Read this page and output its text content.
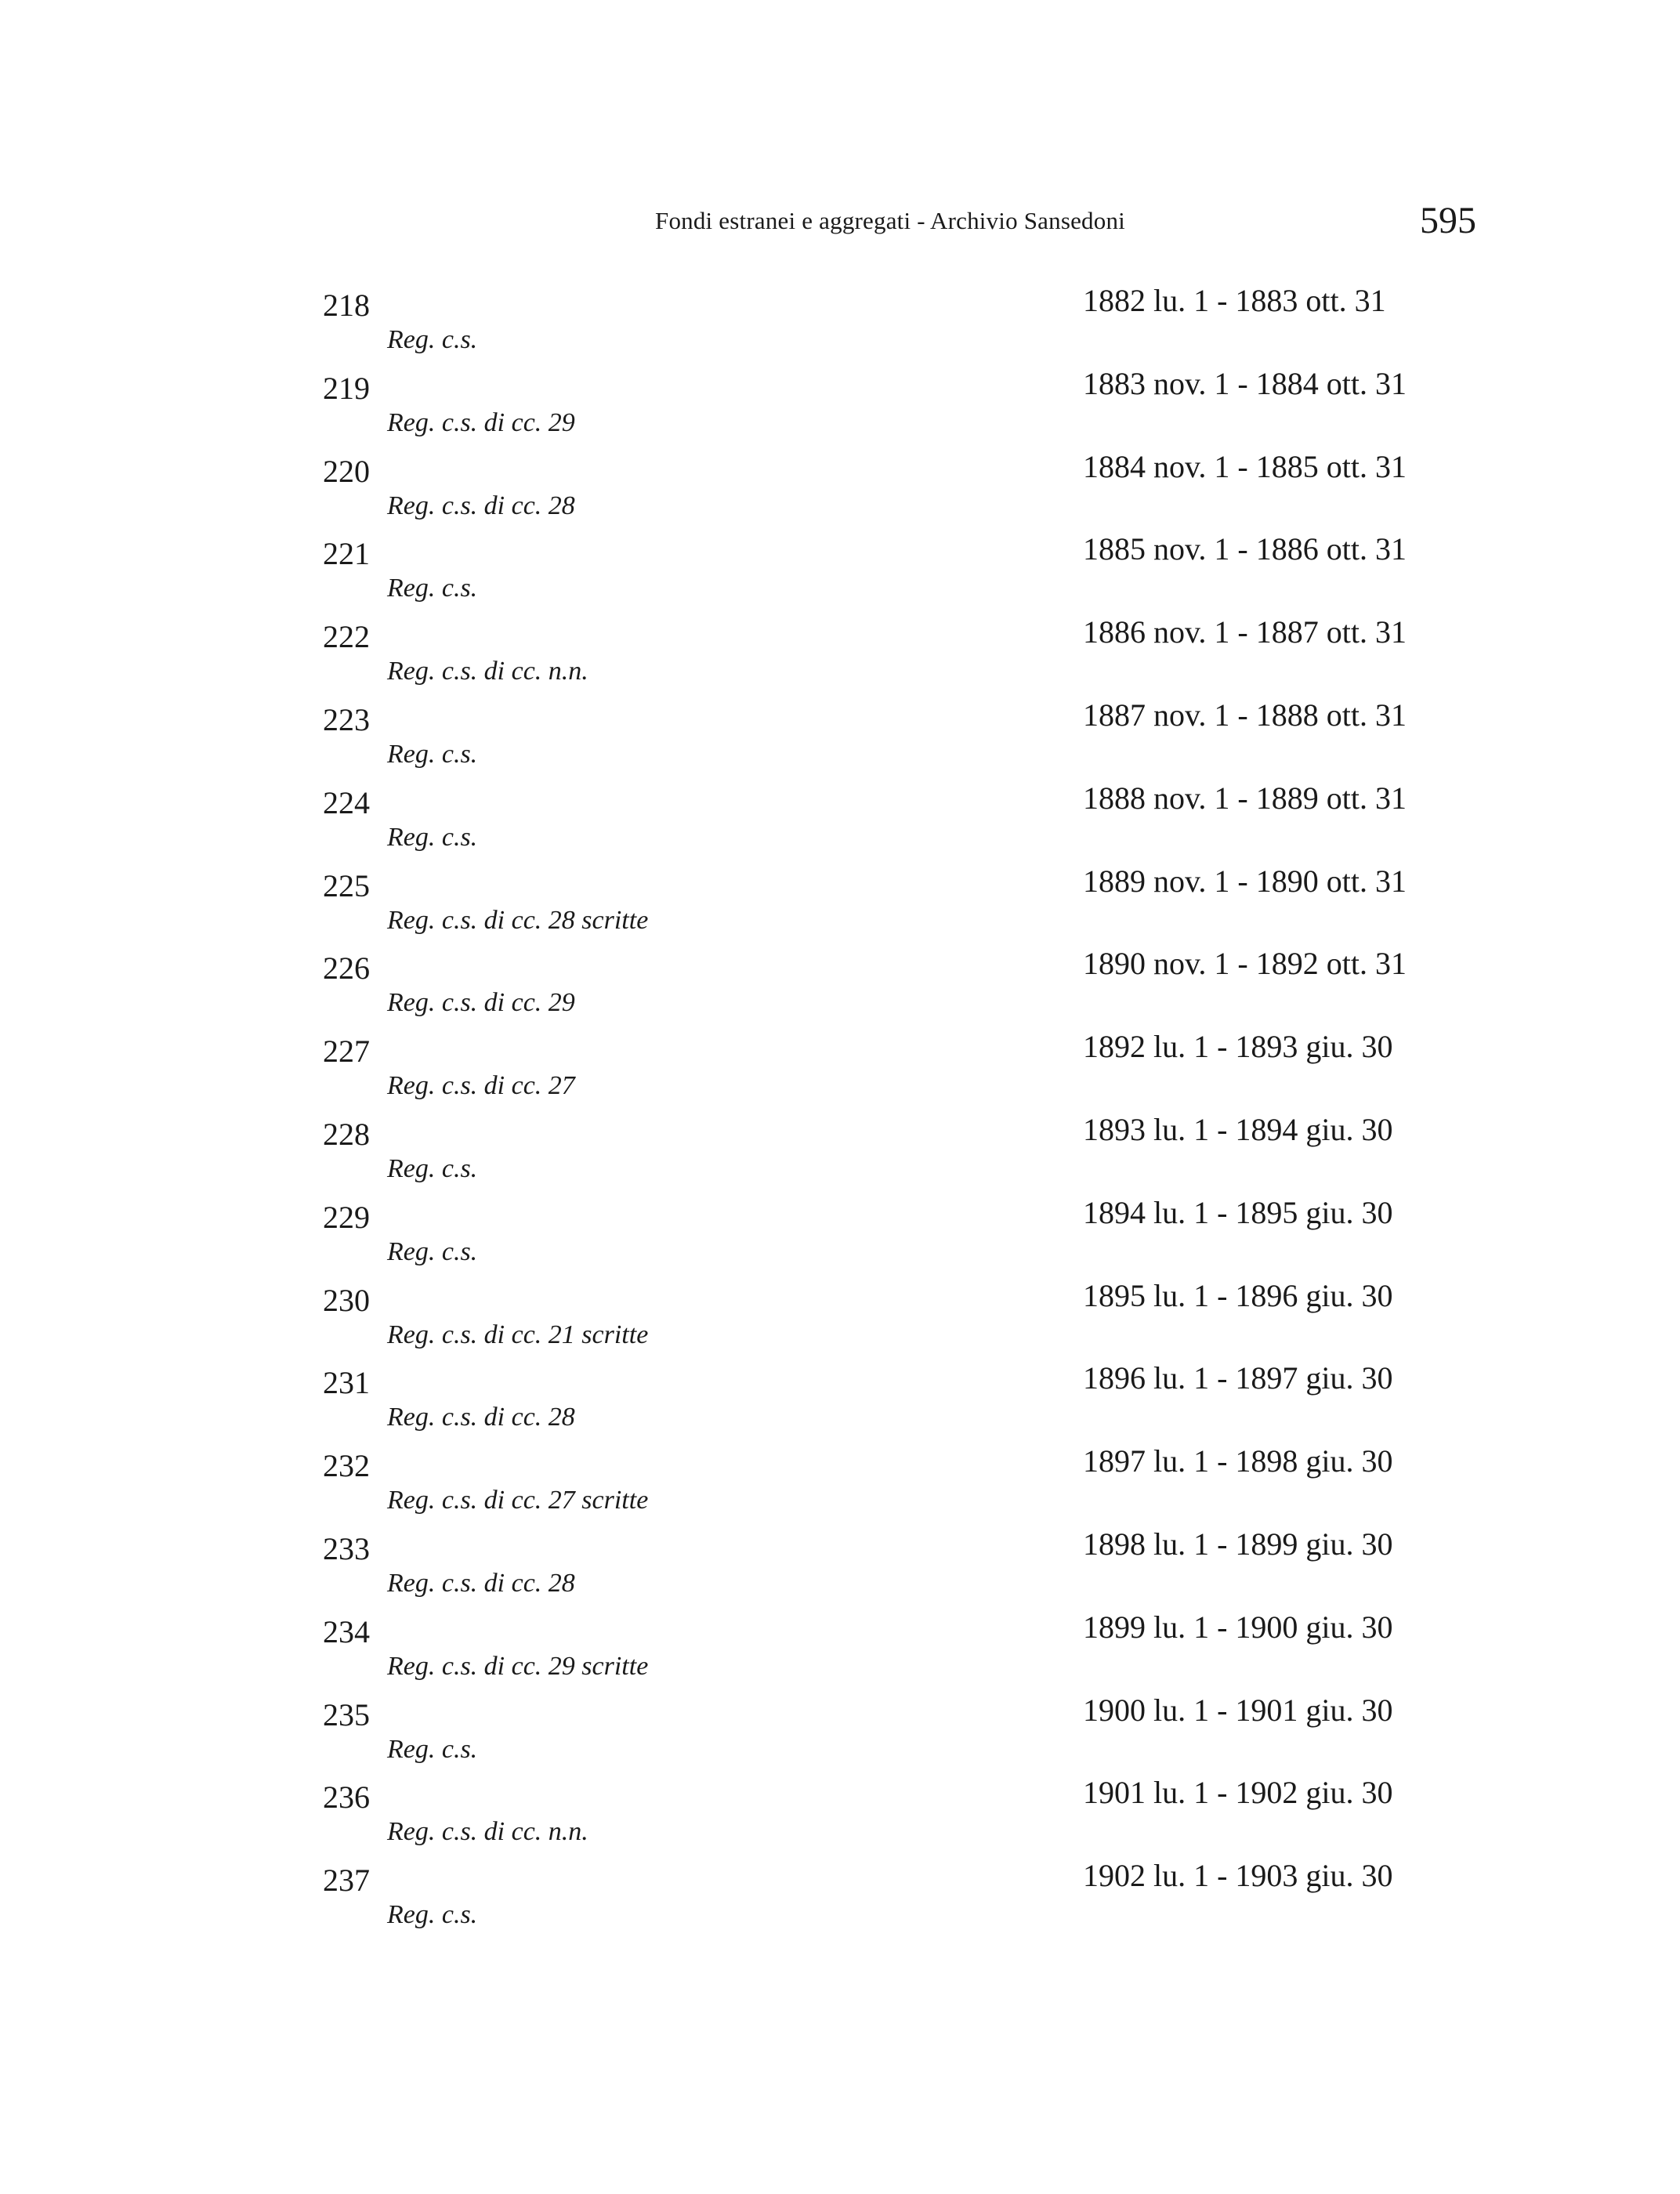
Fondi estranei e aggregati - Archivio Sansedoni	595
218	1882 lu. 1 - 1883 ott. 31
Reg. c.s.
219	1883 nov. 1 - 1884 ott. 31
Reg. c.s. di cc. 29
220	1884 nov. 1 - 1885 ott. 31
Reg. c.s. di cc. 28
221	1885 nov. 1 - 1886 ott. 31
Reg. c.s.
222	1886 nov. 1 - 1887 ott. 31
Reg. c.s. di cc. n.n.
223	1887 nov. 1 - 1888 ott. 31
Reg. c.s.
224	1888 nov. 1 - 1889 ott. 31
Reg. c.s.
225	1889 nov. 1 - 1890 ott. 31
Reg. c.s. di cc. 28 scritte
226	1890 nov. 1 - 1892 ott. 31
Reg. c.s. di cc. 29
227	1892 lu. 1 - 1893 giu. 30
Reg. c.s. di cc. 27
228	1893 lu. 1 - 1894 giu. 30
Reg. c.s.
229	1894 lu. 1 - 1895 giu. 30
Reg. c.s.
230	1895 lu. 1 - 1896 giu. 30
Reg. c.s. di cc. 21 scritte
231	1896 lu. 1 - 1897 giu. 30
Reg. c.s. di cc. 28
232	1897 lu. 1 - 1898 giu. 30
Reg. c.s. di cc. 27 scritte
233	1898 lu. 1 - 1899 giu. 30
Reg. c.s. di cc. 28
234	1899 lu. 1 - 1900 giu. 30
Reg. c.s. di cc. 29 scritte
235	1900 lu. 1 - 1901 giu. 30
Reg. c.s.
236	1901 lu. 1 - 1902 giu. 30
Reg. c.s. di cc. n.n.
237	1902 lu. 1 - 1903 giu. 30
Reg. c.s.
